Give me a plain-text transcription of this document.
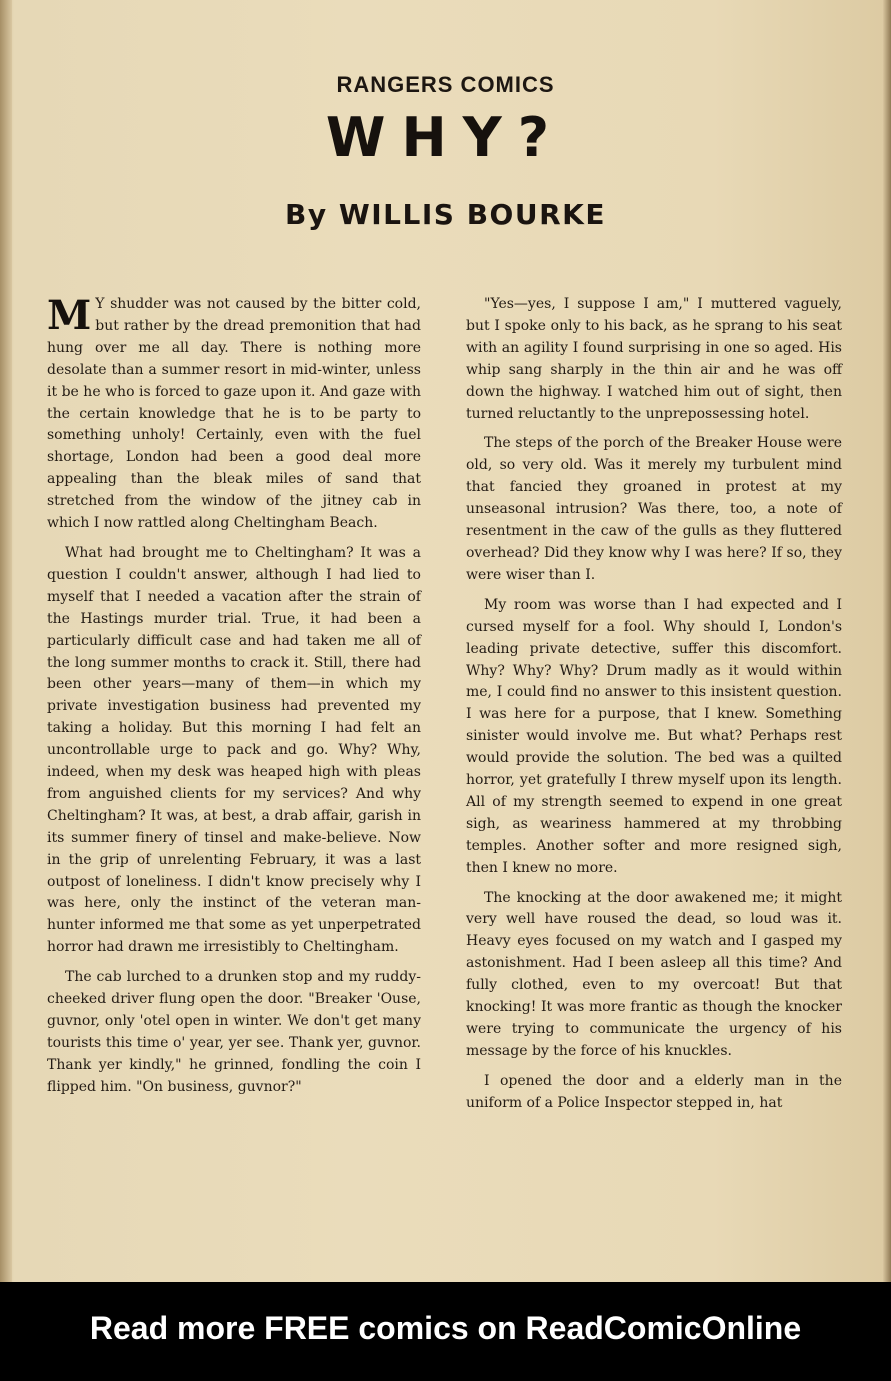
RANGERS COMICS
WHY?
By WILLIS BOURKE

M Y shudder was not caused by the bitter cold, but rather by the dread premonition that had hung over me all day. There is nothing more desolate than a summer resort in mid-winter, unless it be he who is forced to gaze upon it. And gaze with the certain knowledge that he is to be party to something unholy! Certainly, even with the fuel shortage, London had been a good deal more appealing than the bleak miles of sand that stretched from the window of the jitney cab in which I now rattled along Cheltingham Beach.

What had brought me to Cheltingham? It was a question I couldn't answer, although I had lied to myself that I needed a vacation after the strain of the Hastings murder trial. True, it had been a particularly difficult case and had taken me all of the long summer months to crack it. Still, there had been other years—many of them—in which my private investigation business had prevented my taking a holiday. But this morning I had felt an uncontrollable urge to pack and go. Why? Why, indeed, when my desk was heaped high with pleas from anguished clients for my services? And why Cheltingham? It was, at best, a drab affair, garish in its summer finery of tinsel and make-believe. Now in the grip of unrelenting February, it was a last outpost of loneliness. I didn't know precisely why I was here, only the instinct of the veteran man-hunter informed me that some as yet unperpetrated horror had drawn me irresistibly to Cheltingham.

The cab lurched to a drunken stop and my ruddy-cheeked driver flung open the door. "Breaker 'Ouse, guvnor, only 'otel open in winter. We don't get many tourists this time o' year, yer see. Thank yer, guvnor. Thank yer kindly," he grinned, fondling the coin I flipped him. "On business, guvnor?"

"Yes—yes, I suppose I am," I muttered vaguely, but I spoke only to his back, as he sprang to his seat with an agility I found surprising in one so aged. His whip sang sharply in the thin air and he was off down the highway. I watched him out of sight, then turned reluctantly to the unprepossessing hotel.

The steps of the porch of the Breaker House were old, so very old. Was it merely my turbulent mind that fancied they groaned in protest at my unseasonal intrusion? Was there, too, a note of resentment in the caw of the gulls as they fluttered overhead? Did they know why I was here? If so, they were wiser than I.

My room was worse than I had expected and I cursed myself for a fool. Why should I, London's leading private detective, suffer this discomfort. Why? Why? Why? Drum madly as it would within me, I could find no answer to this insistent question. I was here for a purpose, that I knew. Something sinister would involve me. But what? Perhaps rest would provide the solution. The bed was a quilted horror, yet gratefully I threw myself upon its length. All of my strength seemed to expend in one great sigh, as weariness hammered at my throbbing temples. Another softer and more resigned sigh, then I knew no more.

The knocking at the door awakened me; it might very well have roused the dead, so loud was it. Heavy eyes focused on my watch and I gasped my astonishment. Had I been asleep all this time? And fully clothed, even to my overcoat! But that knocking! It was more frantic as though the knocker were trying to communicate the urgency of his message by the force of his knuckles.

I opened the door and a elderly man in the uniform of a Police Inspector stepped in, hat

Read more FREE comics on ReadComicOnline
